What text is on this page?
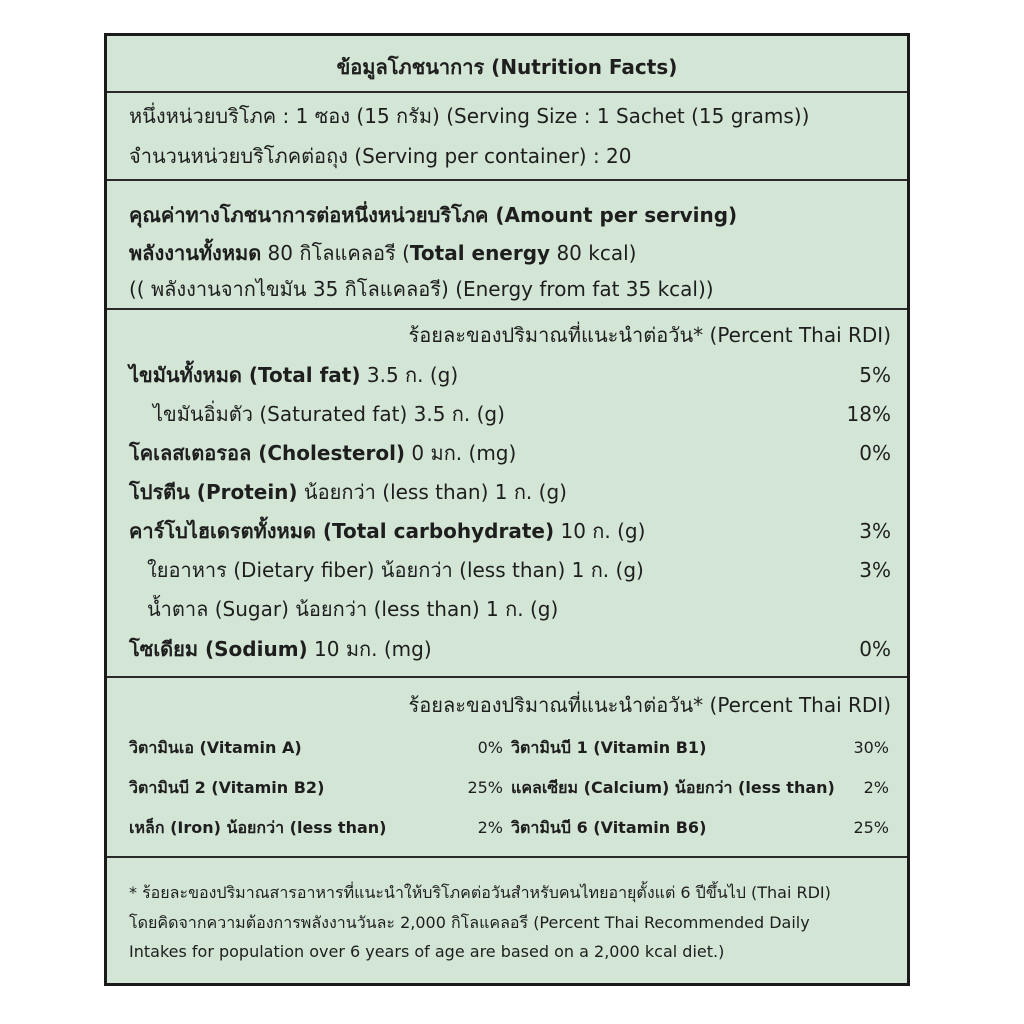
ข้อมูลโภชนาการ (Nutrition Facts)
หนึ่งหน่วยบริโภค : 1 ซอง (15 กรัม) (Serving Size : 1 Sachet (15 grams))
จำนวนหน่วยบริโภคต่อถุง (Serving per container) : 20
คุณค่าทางโภชนาการต่อหนึ่งหน่วยบริโภค (Amount per serving)
พลังงานทั้งหมด 80 กิโลแคลอรี (Total energy 80 kcal)
(( พลังงานจากไขมัน 35 กิโลแคลอรี) (Energy from fat 35 kcal))
ร้อยละของปริมาณที่แนะนำต่อวัน* (Percent Thai RDI)
ไขมันทั้งหมด (Total fat) 3.5 ก. (g)	5%
ไขมันอิ่มตัว (Saturated fat) 3.5 ก. (g)	18%
โคเลสเตอรอล (Cholesterol) 0 มก. (mg)	0%
โปรตีน (Protein) น้อยกว่า (less than) 1 ก. (g)
คาร์โบไฮเดรตทั้งหมด (Total carbohydrate) 10 ก. (g)	3%
ใยอาหาร (Dietary fiber) น้อยกว่า (less than) 1 ก. (g)	3%
น้ำตาล (Sugar) น้อยกว่า (less than) 1 ก. (g)
โซเดียม (Sodium) 10 มก. (mg)	0%
ร้อยละของปริมาณที่แนะนำต่อวัน* (Percent Thai RDI)
วิตามินเอ (Vitamin A)	0% วิตามินบี 1 (Vitamin B1)	30%
วิตามินบี 2 (Vitamin B2)	25% แคลเซียม (Calcium) น้อยกว่า (less than) 2%
เหล็ก (Iron) น้อยกว่า (less than)	2% วิตามินบี 6 (Vitamin B6)	25%
* ร้อยละของปริมาณสารอาหารที่แนะนำให้บริโภคต่อวันสำหรับคนไทยอายุตั้งแต่ 6 ปีขึ้นไป (Thai RDI)
โดยคิดจากความต้องการพลังงานวันละ 2,000 กิโลแคลอรี (Percent Thai Recommended Daily
Intakes for population over 6 years of age are based on a 2,000 kcal diet.)
